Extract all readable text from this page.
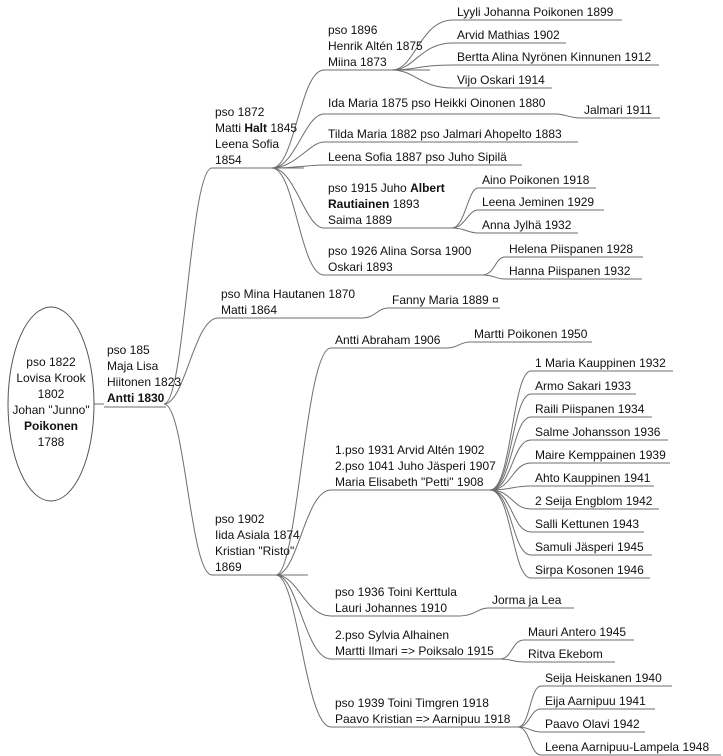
pso 1822
Lovisa Krook
1802
Johan "Junno"
Poikonen
1788
pso 185
Maja Lisa
Hiitonen 1823
Antti 1830
pso 1872
Matti Halt 1845
Leena Sofia
1854
pso 1896
Henrik Altén 1875
Miina 1873
Lyyli Johanna Poikonen 1899
Arvid Mathias 1902
Bertta Alina Nyrönen Kinnunen 1912
Vijo Oskari 1914
Ida Maria 1875 pso Heikki Oinonen 1880	Jalmari 1911
Tilda Maria 1882 pso Jalmari Ahopelto 1883
Leena Sofia 1887 pso Juho Sipilä
pso 1915 Juho Albert
Rautiainen 1893
Saima 1889
Aino Poikonen 1918
Leena Jeminen 1929
Anna Jylhä 1932
pso 1926 Alina Sorsa 1900
Oskari 1893
Helena Piispanen 1928
Hanna Piispanen 1932
pso Mina Hautanen 1870
Matti 1864
Fanny Maria 1889 ¤
pso 1902
Iida Asiala 1874
Kristian "Risto"
1869
Antti Abraham 1906	Martti Poikonen 1950
1.pso 1931 Arvid Altén 1902
2.pso 1041 Juho Jäsperi 1907
Maria Elisabeth "Petti" 1908
1 Maria Kauppinen 1932
Armo Sakari 1933
Raili Piispanen 1934
Salme Johansson 1936
Maire Kemppainen 1939
Ahto Kauppinen 1941
2 Seija Engblom 1942
Salli Kettunen 1943
Samuli Jäsperi 1945
Sirpa Kosonen 1946
pso 1936 Toini Kerttula
Lauri Johannes 1910
Jorma ja Lea
2.pso Sylvia Alhainen
Martti Ilmari => Poiksalo 1915
Mauri Antero 1945
Ritva Ekebom
pso 1939 Toini Timgren 1918
Paavo Kristian => Aarnipuu 1918
Seija Heiskanen 1940
Eija Aarnipuu 1941
Paavo Olavi 1942
Leena Aarnipuu-Lampela 1948
